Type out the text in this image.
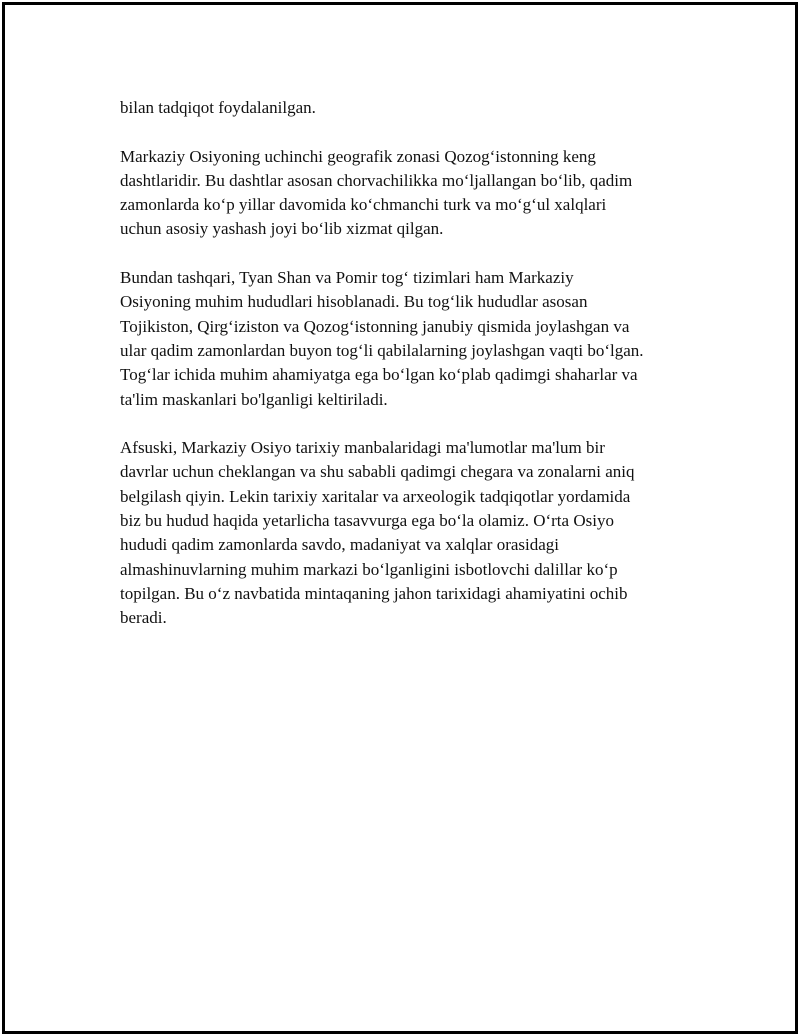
bilan tadqiqot foydalanilgan.

Markaziy Osiyoning uchinchi geografik zonasi Qozog‘istonning keng
dashtlaridir. Bu dashtlar asosan chorvachilikka mo‘ljallangan bo‘lib, qadim
zamonlarda ko‘p yillar davomida ko‘chmanchi turk va mo‘g‘ul xalqlari
uchun asosiy yashash joyi bo‘lib xizmat qilgan.

Bundan tashqari, Tyan Shan va Pomir tog‘ tizimlari ham Markaziy
Osiyoning muhim hududlari hisoblanadi. Bu tog‘lik hududlar asosan
Tojikiston, Qirg‘iziston va Qozog‘istonning janubiy qismida joylashgan va
ular qadim zamonlardan buyon tog‘li qabilalarning joylashgan vaqti bo‘lgan.
Tog‘lar ichida muhim ahamiyatga ega bo‘lgan ko‘plab qadimgi shaharlar va
ta'lim maskanlari bo'lganligi keltiriladi.

Afsuski, Markaziy Osiyo tarixiy manbalaridagi ma'lumotlar ma'lum bir
davrlar uchun cheklangan va shu sababli qadimgi chegara va zonalarni aniq
belgilash qiyin. Lekin tarixiy xaritalar va arxeologik tadqiqotlar yordamida
biz bu hudud haqida yetarlicha tasavvurga ega bo‘la olamiz. O‘rta Osiyo
hududi qadim zamonlarda savdo, madaniyat va xalqlar orasidagi
almashinuvlarning muhim markazi bo‘lganligini isbotlovchi dalillar ko‘p
topilgan. Bu o‘z navbatida mintaqaning jahon tarixidagi ahamiyatini ochib
beradi.
